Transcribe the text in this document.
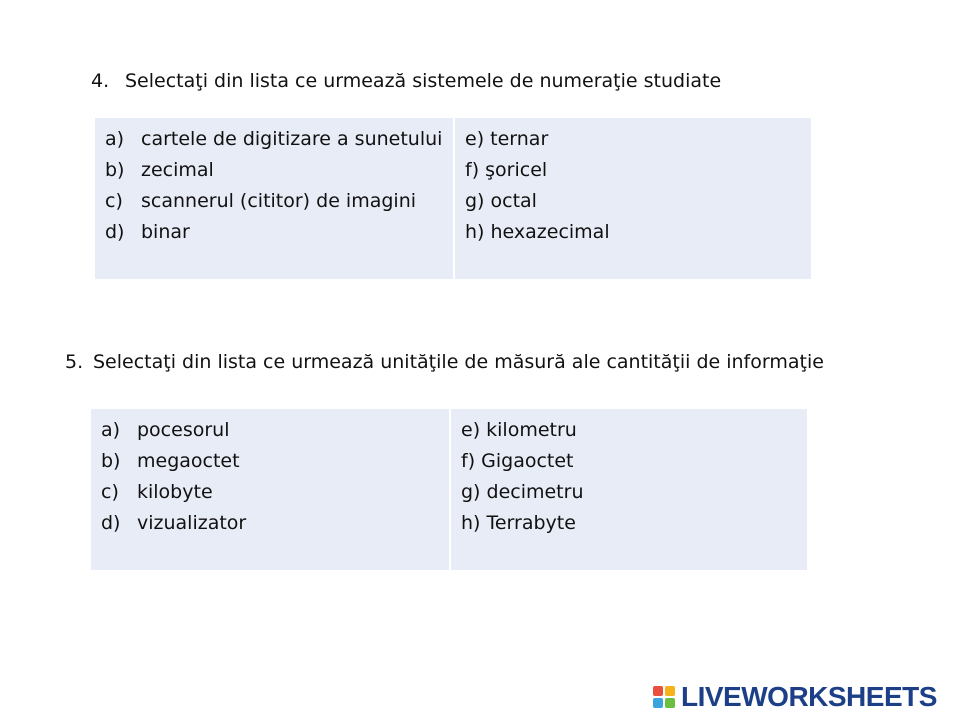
4. Selectaţi din lista ce urmează sistemele de numeraţie studiate
a) cartele de digitizare a sunetului
b) zecimal
c) scannerul (cititor) de imagini
d) binar
e) ternar
f) şoricel
g) octal
h) hexazecimal
5. Selectaţi din lista ce urmează unităţile de măsură ale cantităţii de informaţie
a) pocesorul
b) megaoctet
c) kilobyte
d) vizualizator
e) kilometru
f) Gigaoctet
g) decimetru
h) Terrabyte
LIVEWORKSHEETS
